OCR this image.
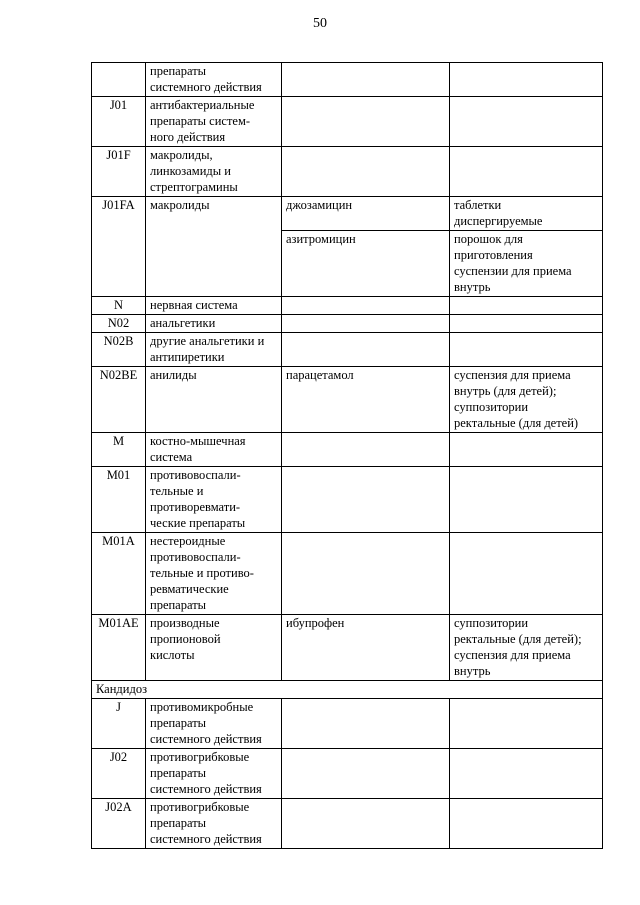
50

	препараты
системного действия		

J01	антибактериальные
препараты систем-
ного действия		

J01F	макролиды,
линкозамиды и
стрептограмины		

J01FA	макролиды	джозамицин	таблетки
диспергируемые

		азитромицин	порошок для
приготовления
суспензии для приема
внутрь

N	нервная система		

N02	анальгетики		

N02B	другие анальгетики и
антипиретики		

N02BE	анилиды	парацетамол	суспензия для приема
внутрь (для детей);
суппозитории
ректальные (для детей)

M	костно-мышечная
система		

M01	противовоспали-
тельные и
противоревмати-
ческие препараты		

M01A	нестероидные
противовоспали-
тельные и противо-
ревматические
препараты		

M01AE	производные
пропионовой
кислоты	ибупрофен	суппозитории
ректальные (для детей);
суспензия для приема
внутрь

Кандидоз			
J	противомикробные
препараты
системного действия		

J02	противогрибковые
препараты
системного действия		

J02A	противогрибковые
препараты
системного действия		
